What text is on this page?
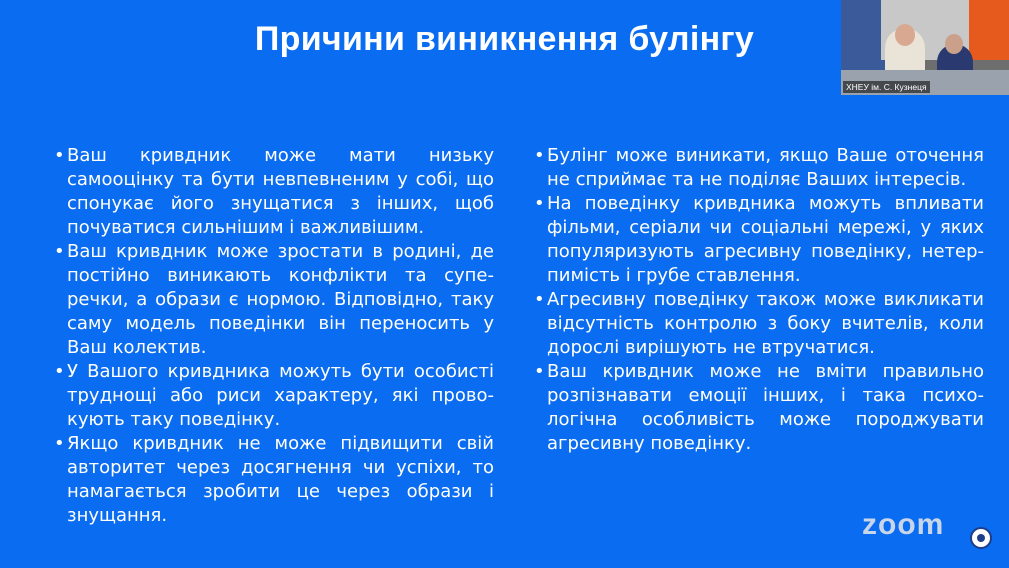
Причини виникнення булінгу

• Ваш кривдник може мати низьку самооцінку та бути невпевненим у собі, що спонукає його знущатися з інших, щоб почуватися сильнішим і важливішим.

• Ваш кривдник може зростати в родині, де постійно виникають конфлікти та супе-речки, а образи є нормою. Відповідно, таку саму модель поведінки він переносить у Ваш колектив.

• У Вашого кривдника можуть бути особисті труднощі або риси характеру, які прово-кують таку поведінку.

• Якщо кривдник не може підвищити свій авторитет через досягнення чи успіхи, то намагається зробити це через образи і знущання.

• Булінг може виникати, якщо Ваше оточення не сприймає та не поділяє Ваших інтересів.

• На поведінку кривдника можуть впливати фільми, серіали чи соціальні мережі, у яких популяризують агресивну поведінку, нетер-пимість і грубе ставлення.

• Агресивну поведінку також може викликати відсутність контролю з боку вчителів, коли дорослі вирішують не втручатися.

• Ваш кривдник може не вміти правильно розпізнавати емоції інших, і така психо-логічна особливість може породжувати агресивну поведінку.

zoom
ХНЕУ ім. С. Кузнеця
